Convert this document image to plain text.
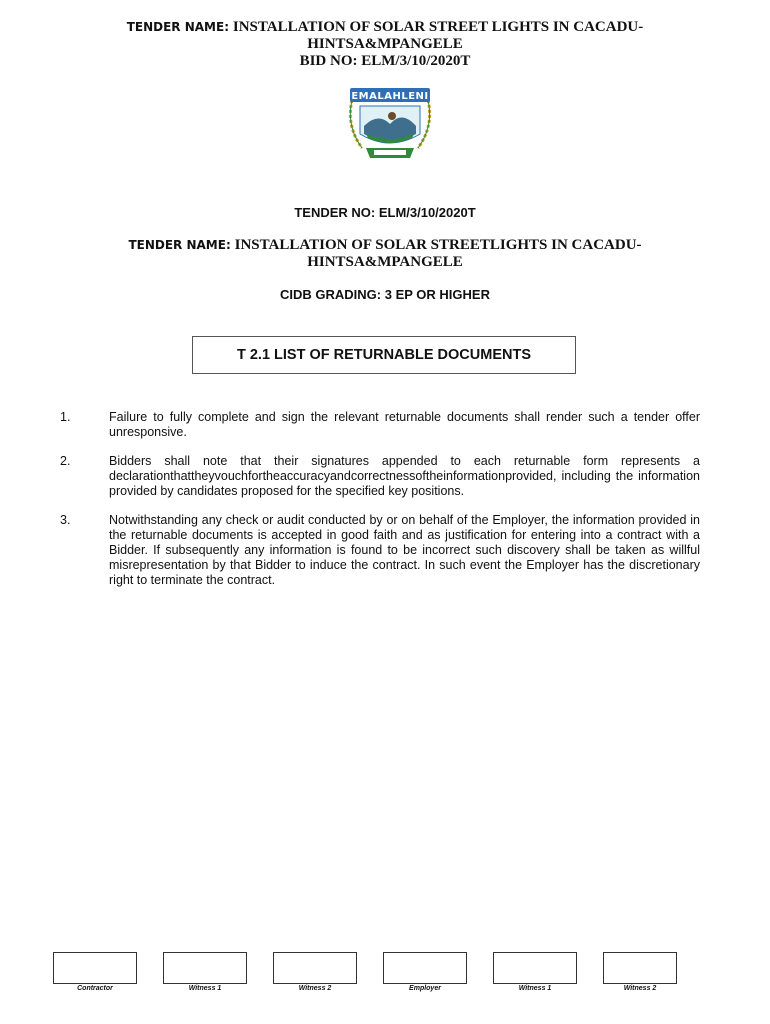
TENDER NAME: INSTALLATION OF SOLAR STREET LIGHTS IN CACADU-

HINTSA&MPANGELE

BID NO: ELM/3/10/2020T

EMALAHLENI
TENDER NO: ELM/3/10/2020T

TENDER NAME: INSTALLATION OF SOLAR STREETLIGHTS IN CACADU-

HINTSA&MPANGELE

CIDB GRADING: 3 EP OR HIGHER
T 2.1 LIST OF RETURNABLE DOCUMENTS
1.	Failure to fully complete and sign the relevant returnable documents shall render such a tender offer unresponsive.
2.	Bidders shall note that their signatures appended to each returnable form represents a declarationthattheyvouchfortheaccuracyandcorrectnessoftheinformationprovided, including the information provided by candidates proposed for the specified key positions.
3.	Notwithstanding any check or audit conducted by or on behalf of the Employer, the information provided in the returnable documents is accepted in good faith and as justification for entering into a contract with a Bidder. If subsequently any information is found to be incorrect such discovery shall be taken as willful misrepresentation by that Bidder to induce the contract. In such event the Employer has the discretionary right to terminate the contract.
Contractor	Witness 1	Witness 2	Employer	Witness 1	Witness 2
